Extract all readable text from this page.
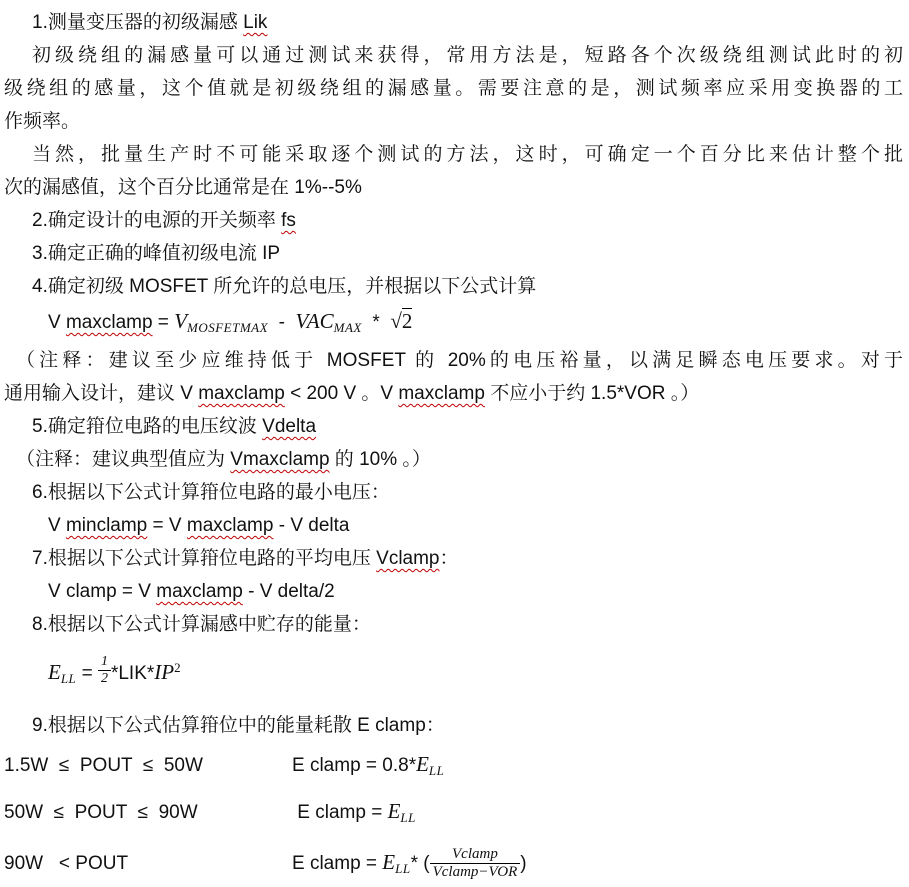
1.测量变压器的初级漏感 Lik
初级绕组的漏感量可以通过测试来获得，常用方法是，短路各个次级绕组测试此时的初
级绕组的感量，这个值就是初级绕组的漏感量。需要注意的是，测试频率应采用变换器的工
作频率。
当然，批量生产时不可能采取逐个测试的方法，这时，可确定一个百分比来估计整个批
次的漏感值，这个百分比通常是在 1%--5%
2.确定设计的电源的开关频率 fs
3.确定正确的峰值初级电流 IP
4.确定初级 MOSFET 所允许的总电压，并根据以下公式计算
V maxclamp = $V_{MOSFETMAX} - VAC_{MAX} * √2$
（注释：建议至少应维持低于 MOSFET 的 20%的电压裕量，以满足瞬态电压要求。对于
通用输入设计，建议 V maxclamp < 200 V 。V maxclamp 不应小于约 1.5*VOR 。）
5.确定箝位电路的电压纹波 Vdelta
（注释：建议典型值应为 Vmaxclamp 的 10% 。）
6.根据以下公式计算箝位电路的最小电压：
V minclamp = V maxclamp - V delta
7.根据以下公式计算箝位电路的平均电压 Vclamp：
V clamp = V maxclamp - V delta/2
8.根据以下公式计算漏感中贮存的能量：
$E_{LL} = \frac{1}{2} *LIK*IP^2$
9.根据以下公式估算箝位中的能量耗散 E clamp：
1.5W  ≤  POUT  ≤  50W	E clamp = $0.8*E_{LL}$
50W  ≤  POUT  ≤  90W	E clamp = $E_{LL}$
90W   < POUT	E clamp = $E_{LL}*$ ( $\frac{\text{Vclamp}}{\text{Vclamp−VOR}}$ )
